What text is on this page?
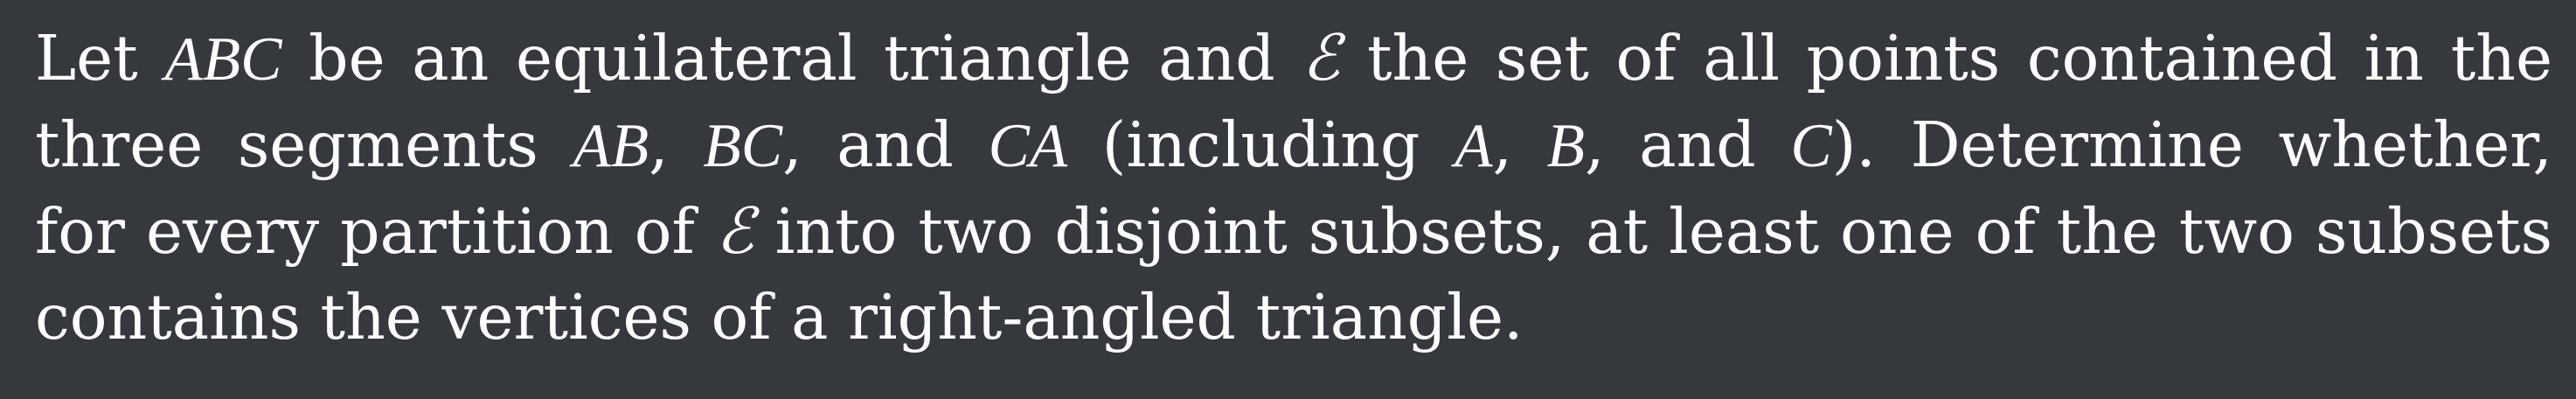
Let ABC be an equilateral triangle and ℰ the set of all points contained in the
three segments AB, BC, and CA (including A, B, and C). Determine whether,
for every partition of ℰ into two disjoint subsets, at least one of the two subsets
contains the vertices of a right-angled triangle.
